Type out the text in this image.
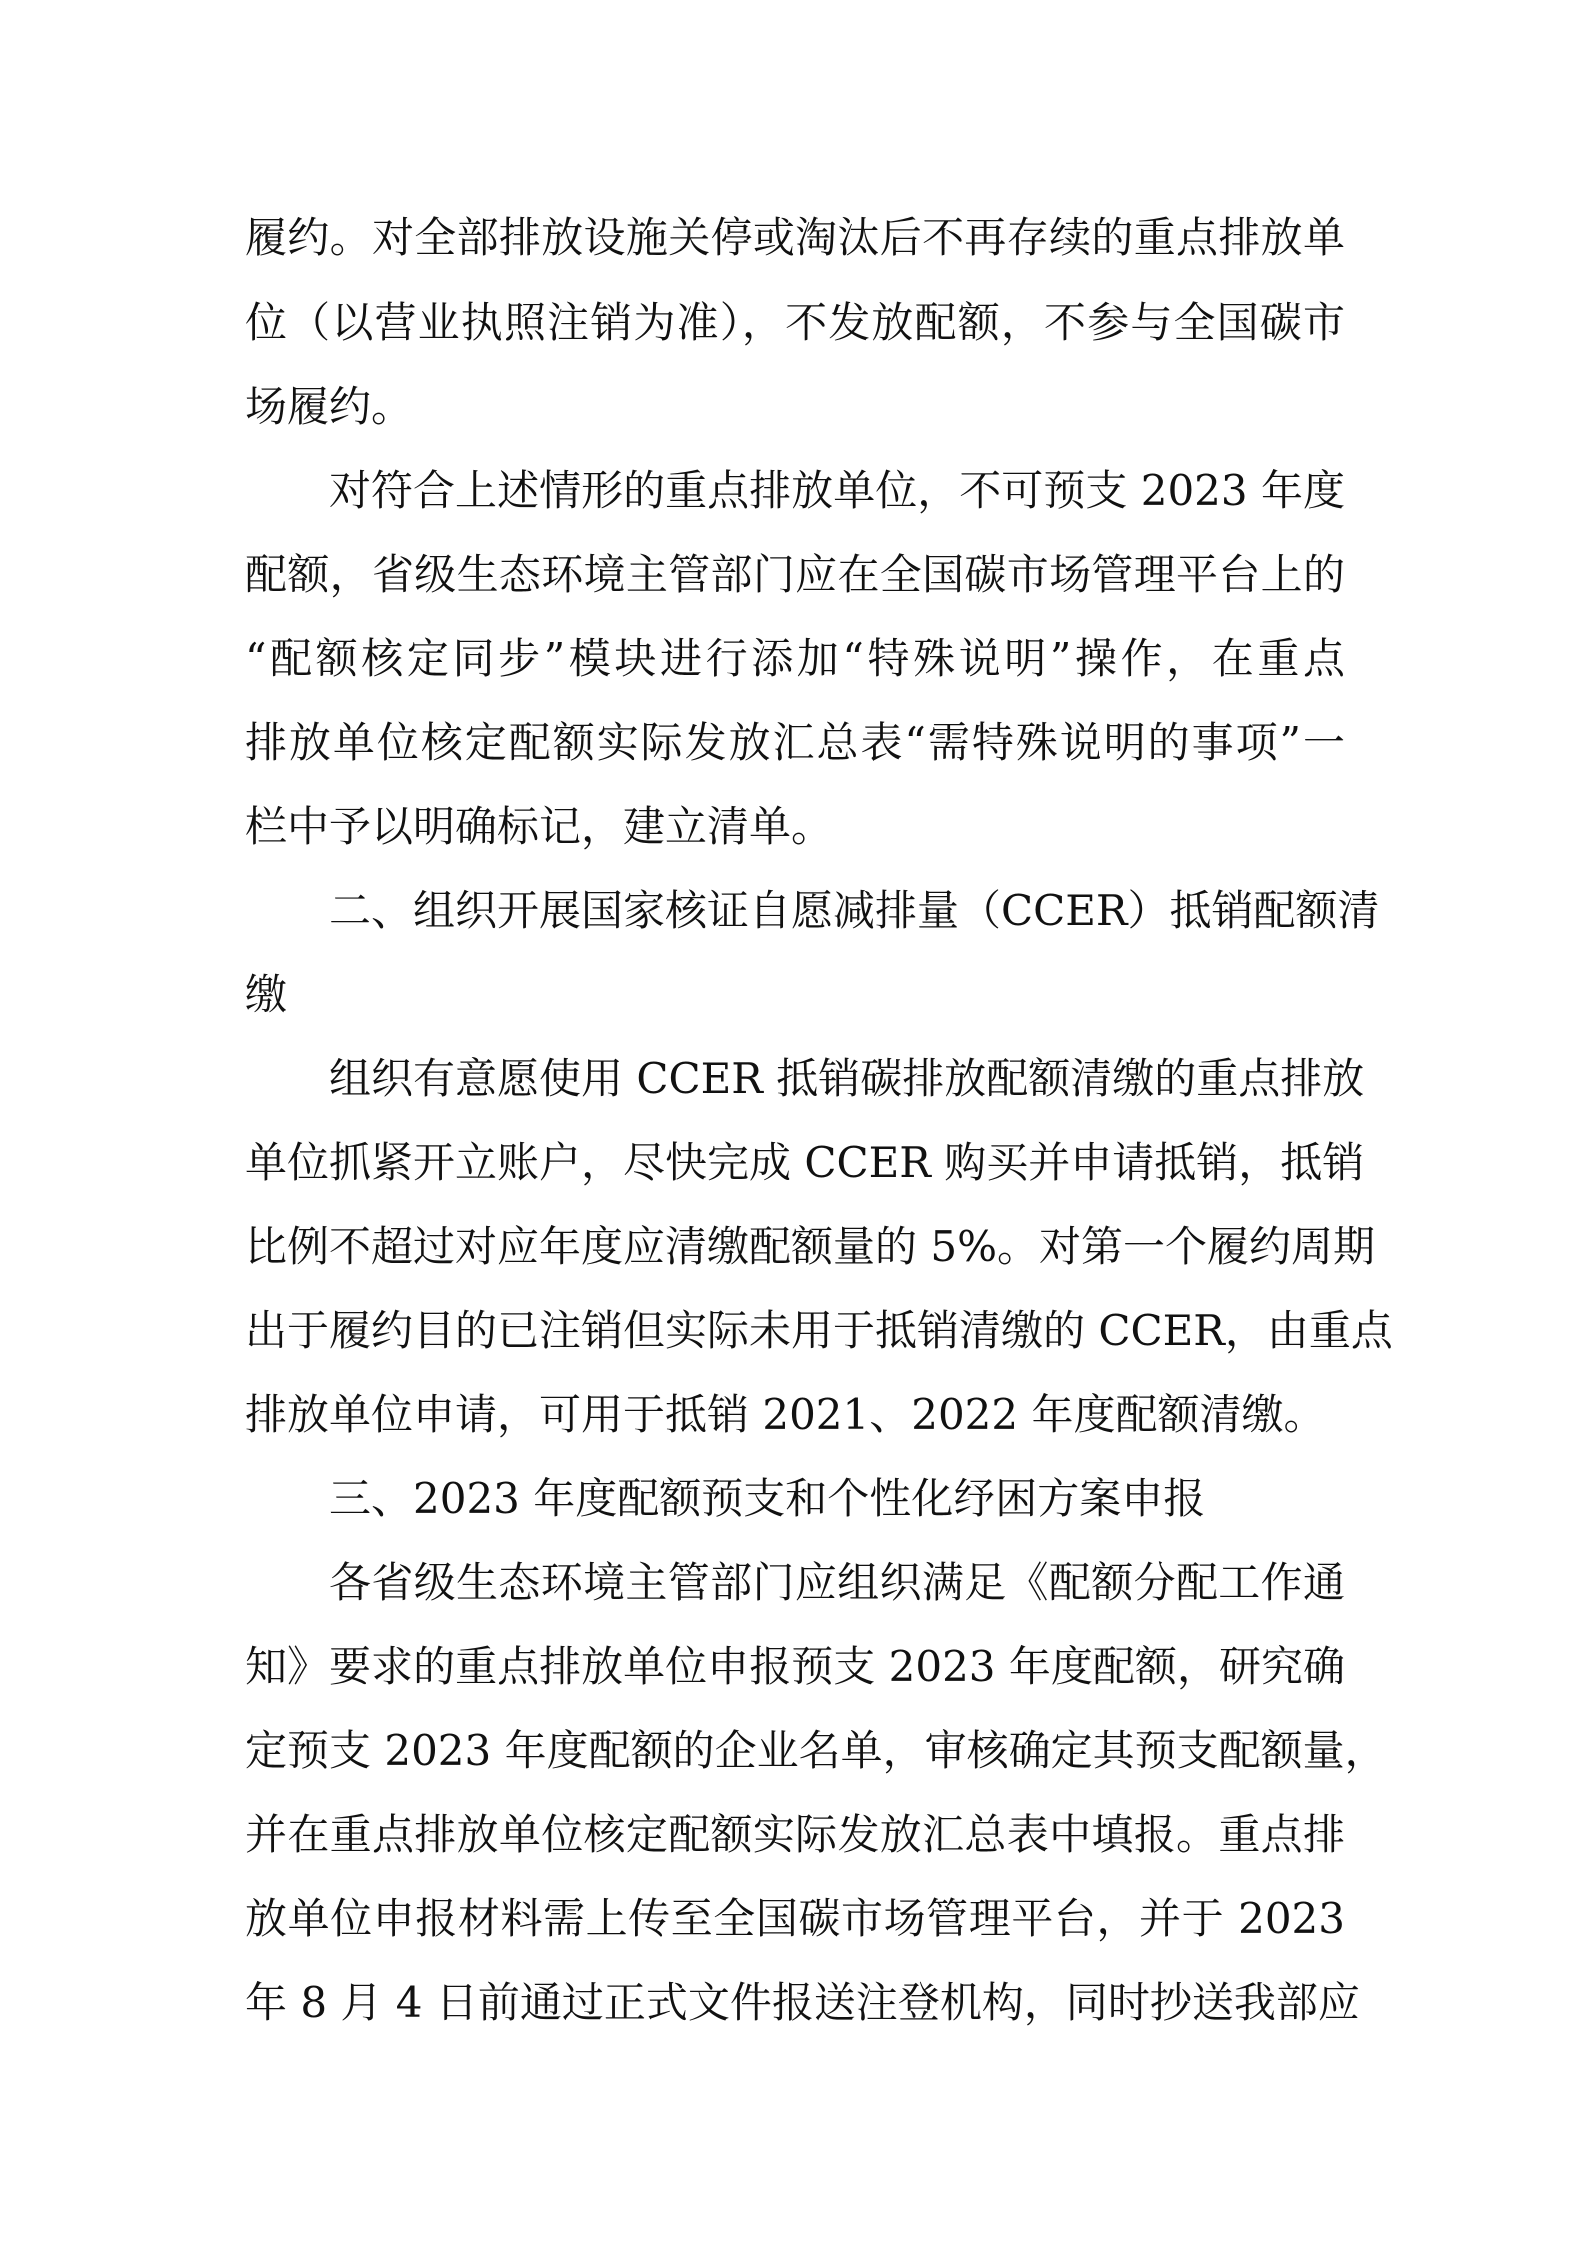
履约。对全部排放设施关停或淘汰后不再存续的重点排放单

位（以营业执照注销为准），不发放配额，不参与全国碳市

场履约。

对符合上述情形的重点排放单位，不可预支 2023 年度

配额，省级生态环境主管部门应在全国碳市场管理平台上的

“配额核定同步”模块进行添加“特殊说明”操作，在重点

排放单位核定配额实际发放汇总表“需特殊说明的事项”一

栏中予以明确标记，建立清单。

二、组织开展国家核证自愿减排量（CCER）抵销配额清

缴

组织有意愿使用 CCER 抵销碳排放配额清缴的重点排放

单位抓紧开立账户，尽快完成 CCER 购买并申请抵销，抵销

比例不超过对应年度应清缴配额量的 5%。对第一个履约周期

出于履约目的已注销但实际未用于抵销清缴的 CCER，由重点

排放单位申请，可用于抵销 2021、2022 年度配额清缴。

三、2023 年度配额预支和个性化纾困方案申报

各省级生态环境主管部门应组织满足《配额分配工作通

知》要求的重点排放单位申报预支 2023 年度配额，研究确

定预支 2023 年度配额的企业名单，审核确定其预支配额量，

并在重点排放单位核定配额实际发放汇总表中填报。重点排

放单位申报材料需上传至全国碳市场管理平台，并于 2023

年 8 月 4 日前通过正式文件报送注登机构，同时抄送我部应
